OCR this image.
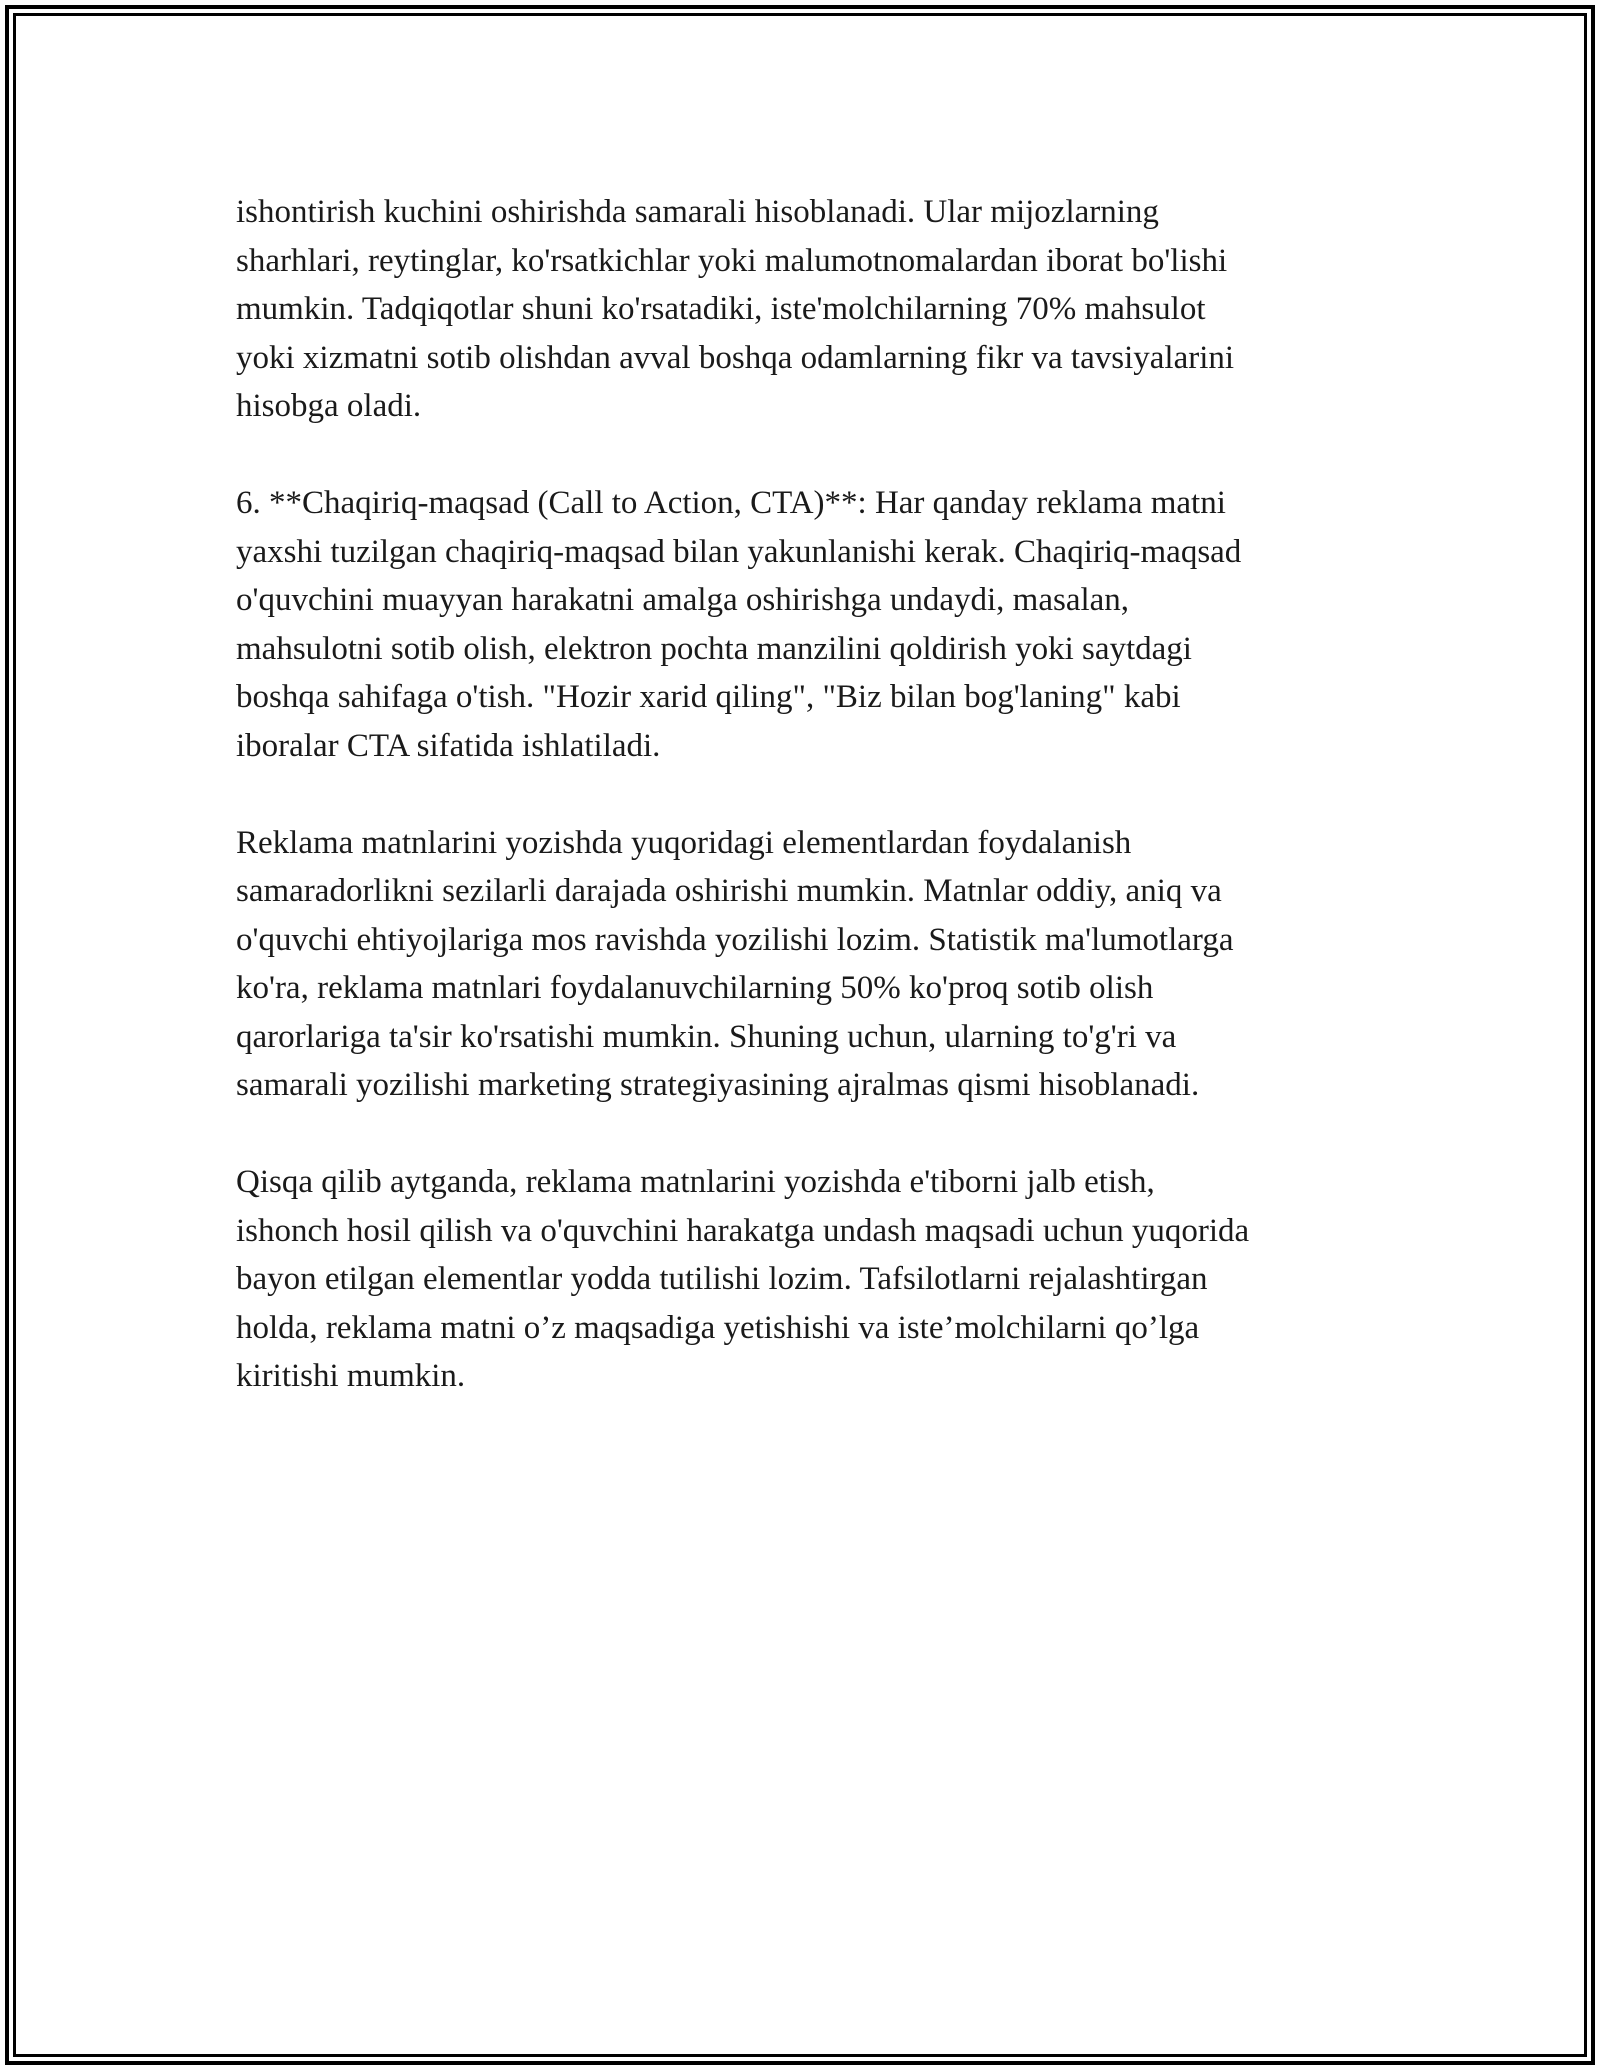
ishontirish kuchini oshirishda samarali hisoblanadi. Ular mijozlarning
sharhlari, reytinglar, ko'rsatkichlar yoki malumotnomalardan iborat bo'lishi
mumkin. Tadqiqotlar shuni ko'rsatadiki, iste'molchilarning 70% mahsulot
yoki xizmatni sotib olishdan avval boshqa odamlarning fikr va tavsiyalarini
hisobga oladi.

6. **Chaqiriq-maqsad (Call to Action, CTA)**: Har qanday reklama matni
yaxshi tuzilgan chaqiriq-maqsad bilan yakunlanishi kerak. Chaqiriq-maqsad
o'quvchini muayyan harakatni amalga oshirishga undaydi, masalan,
mahsulotni sotib olish, elektron pochta manzilini qoldirish yoki saytdagi
boshqa sahifaga o'tish. "Hozir xarid qiling", "Biz bilan bog'laning" kabi
iboralar CTA sifatida ishlatiladi.

Reklama matnlarini yozishda yuqoridagi elementlardan foydalanish
samaradorlikni sezilarli darajada oshirishi mumkin. Matnlar oddiy, aniq va
o'quvchi ehtiyojlariga mos ravishda yozilishi lozim. Statistik ma'lumotlarga
ko'ra, reklama matnlari foydalanuvchilarning 50% ko'proq sotib olish
qarorlariga ta'sir ko'rsatishi mumkin. Shuning uchun, ularning to'g'ri va
samarali yozilishi marketing strategiyasining ajralmas qismi hisoblanadi.

Qisqa qilib aytganda, reklama matnlarini yozishda e'tiborni jalb etish,
ishonch hosil qilish va o'quvchini harakatga undash maqsadi uchun yuqorida
bayon etilgan elementlar yodda tutilishi lozim. Tafsilotlarni rejalashtirgan
holda, reklama matni o’z maqsadiga yetishishi va iste’molchilarni qo’lga
kiritishi mumkin.
